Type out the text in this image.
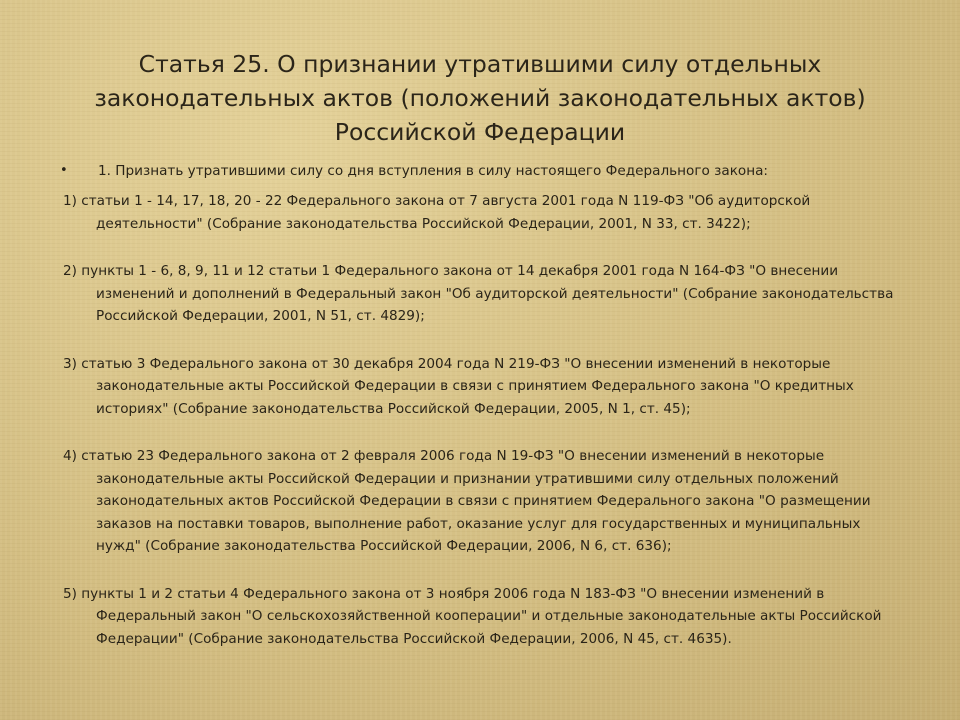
Статья 25. О признании утратившими силу отдельных законодательных актов (положений законодательных актов) Российской Федерации
•	1. Признать утратившими силу со дня вступления в силу настоящего Федерального закона:

1) статьи 1 - 14, 17, 18, 20 - 22 Федерального закона от 7 августа 2001 года N 119-ФЗ "Об аудиторской деятельности" (Собрание законодательства Российской Федерации, 2001, N 33, ст. 3422);

2) пункты 1 - 6, 8, 9, 11 и 12 статьи 1 Федерального закона от 14 декабря 2001 года N 164-ФЗ "О внесении изменений и дополнений в Федеральный закон "Об аудиторской деятельности" (Собрание законодательства Российской Федерации, 2001, N 51, ст. 4829);

3) статью 3 Федерального закона от 30 декабря 2004 года N 219-ФЗ "О внесении изменений в некоторые законодательные акты Российской Федерации в связи с принятием Федерального закона "О кредитных историях" (Собрание законодательства Российской Федерации, 2005, N 1, ст. 45);

4) статью 23 Федерального закона от 2 февраля 2006 года N 19-ФЗ "О внесении изменений в некоторые законодательные акты Российской Федерации и признании утратившими силу отдельных положений законодательных актов Российской Федерации в связи с принятием Федерального закона "О размещении заказов на поставки товаров, выполнение работ, оказание услуг для государственных и муниципальных нужд" (Собрание законодательства Российской Федерации, 2006, N 6, ст. 636);

5) пункты 1 и 2 статьи 4 Федерального закона от 3 ноября 2006 года N 183-ФЗ "О внесении изменений в Федеральный закон "О сельскохозяйственной кооперации" и отдельные законодательные акты Российской Федерации" (Собрание законодательства Российской Федерации, 2006, N 45, ст. 4635).
